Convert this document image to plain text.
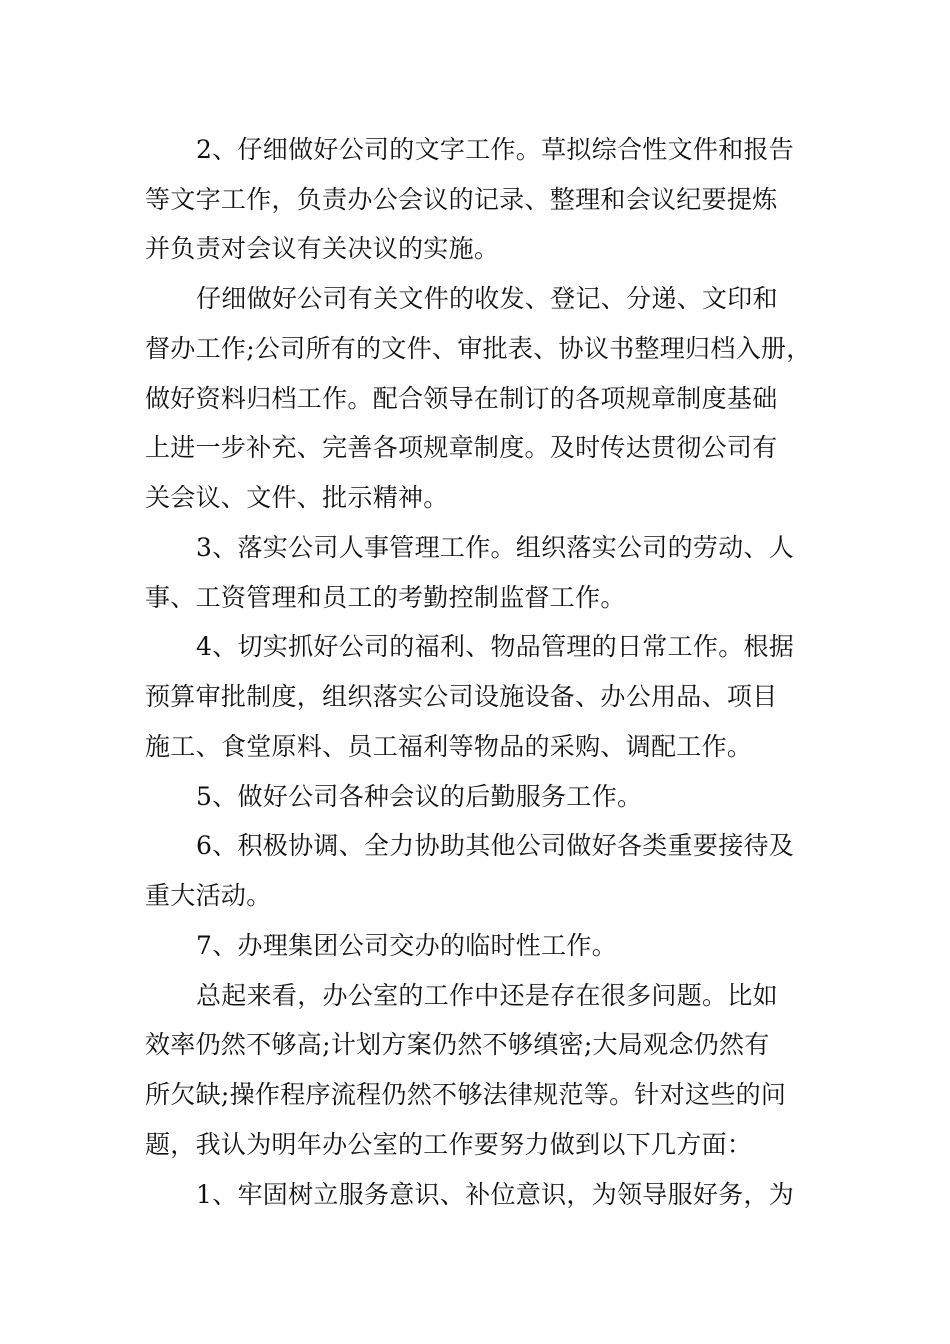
2、仔细做好公司的文字工作。草拟综合性文件和报告
等文字工作，负责办公会议的记录、整理和会议纪要提炼
并负责对会议有关决议的实施。
仔细做好公司有关文件的收发、登记、分递、文印和
督办工作;公司所有的文件、审批表、协议书整理归档入册，
做好资料归档工作。配合领导在制订的各项规章制度基础
上进一步补充、完善各项规章制度。及时传达贯彻公司有
关会议、文件、批示精神。
3、落实公司人事管理工作。组织落实公司的劳动、人
事、工资管理和员工的考勤控制监督工作。
4、切实抓好公司的福利、物品管理的日常工作。根据
预算审批制度，组织落实公司设施设备、办公用品、项目
施工、食堂原料、员工福利等物品的采购、调配工作。
5、做好公司各种会议的后勤服务工作。
6、积极协调、全力协助其他公司做好各类重要接待及
重大活动。
7、办理集团公司交办的临时性工作。
总起来看，办公室的工作中还是存在很多问题。比如
效率仍然不够高;计划方案仍然不够缜密;大局观念仍然有
所欠缺;操作程序流程仍然不够法律规范等。针对这些的问
题，我认为明年办公室的工作要努力做到以下几方面：
1、牢固树立服务意识、补位意识，为领导服好务，为
